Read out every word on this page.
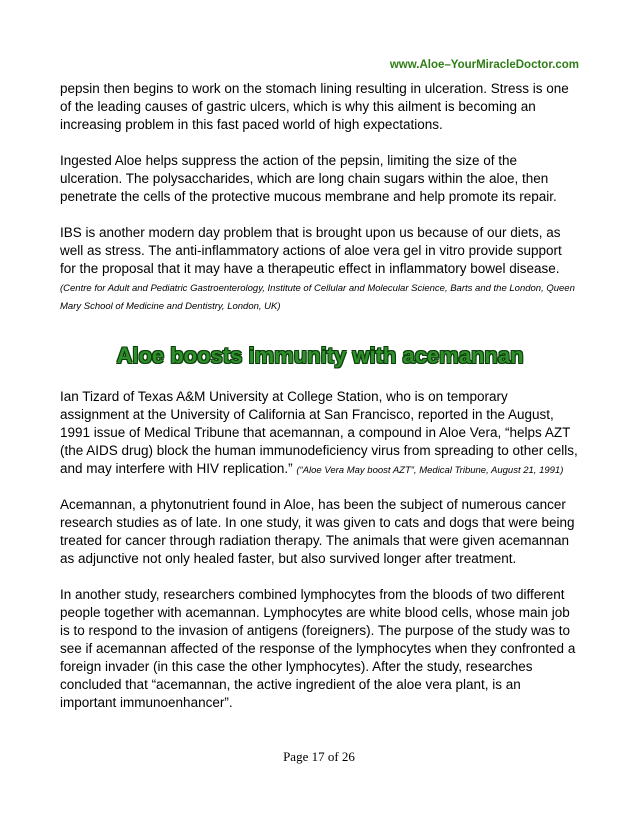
www.Aloe–YourMiracleDoctor.com

pepsin then begins to work on the stomach lining resulting in ulceration. Stress is one of the leading causes of gastric ulcers, which is why this ailment is becoming an increasing problem in this fast paced world of high expectations.

Ingested Aloe helps suppress the action of the pepsin, limiting the size of the ulceration. The polysaccharides, which are long chain sugars within the aloe, then penetrate the cells of the protective mucous membrane and help promote its repair.

IBS is another modern day problem that is brought upon us because of our diets, as well as stress. The anti-inflammatory actions of aloe vera gel in vitro provide support for the proposal that it may have a therapeutic effect in inflammatory bowel disease. (Centre for Adult and Pediatric Gastroenterology, Institute of Cellular and Molecular Science, Barts and the London, Queen Mary School of Medicine and Dentistry, London, UK)

Aloe boosts immunity with acemannan

Ian Tizard of Texas A&M University at College Station, who is on temporary assignment at the University of California at San Francisco, reported in the August, 1991 issue of Medical Tribune that acemannan, a compound in Aloe Vera, “helps AZT (the AIDS drug) block the human immunodeficiency virus from spreading to other cells, and may interfere with HIV replication.” (“Aloe Vera May boost AZT”, Medical Tribune, August 21, 1991)

Acemannan, a phytonutrient found in Aloe, has been the subject of numerous cancer research studies as of late. In one study, it was given to cats and dogs that were being treated for cancer through radiation therapy. The animals that were given acemannan as adjunctive not only healed faster, but also survived longer after treatment.

In another study, researchers combined lymphocytes from the bloods of two different people together with acemannan. Lymphocytes are white blood cells, whose main job is to respond to the invasion of antigens (foreigners). The purpose of the study was to see if acemannan affected of the response of the lymphocytes when they confronted a foreign invader (in this case the other lymphocytes). After the study, researches concluded that “acemannan, the active ingredient of the aloe vera plant, is an important immunoenhancer”.

Page 17 of 26
